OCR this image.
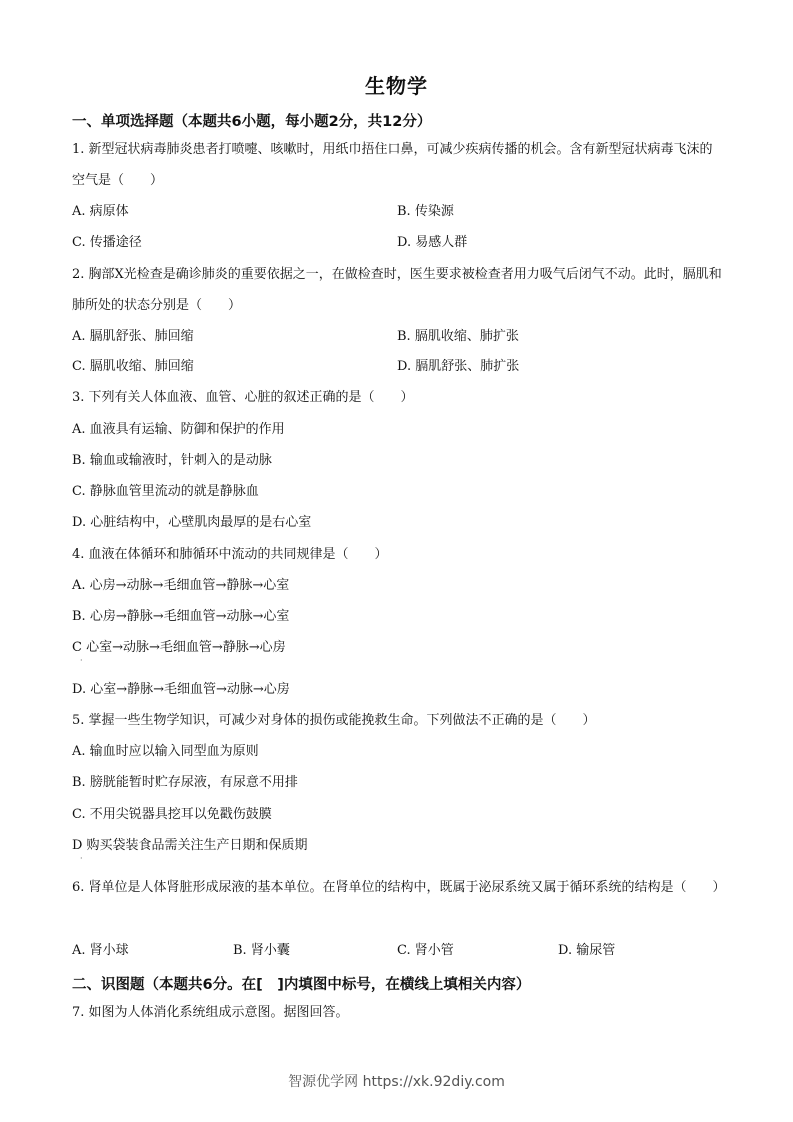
生物学
一、单项选择题（本题共6小题，每小题2分，共12分）
1. 新型冠状病毒肺炎患者打喷嚏、咳嗽时，用纸巾捂住口鼻，可减少疾病传播的机会。含有新型冠状病毒飞沫的空气是（　　）
A. 病原体	B. 传染源
C. 传播途径	D. 易感人群
2. 胸部X光检查是确诊肺炎的重要依据之一，在做检查时，医生要求被检查者用力吸气后闭气不动。此时，膈肌和肺所处的状态分别是（　　）
A. 膈肌舒张、肺回缩	B. 膈肌收缩、肺扩张
C. 膈肌收缩、肺回缩	D. 膈肌舒张、肺扩张
3. 下列有关人体血液、血管、心脏的叙述正确的是（　　）
A. 血液具有运输、防御和保护的作用
B. 输血或输液时，针刺入的是动脉
C. 静脉血管里流动的就是静脉血
D. 心脏结构中，心壁肌肉最厚的是右心室
4. 血液在体循环和肺循环中流动的共同规律是（　　）
A. 心房→动脉→毛细血管→静脉→心室
B. 心房→静脉→毛细血管→动脉→心室
C 心室→动脉→毛细血管→静脉→心房
·
D. 心室→静脉→毛细血管→动脉→心房
5. 掌握一些生物学知识，可减少对身体的损伤或能挽救生命。下列做法不正确的是（　　）
A. 输血时应以输入同型血为原则
B. 膀胱能暂时贮存尿液，有尿意不用排
C. 不用尖锐器具挖耳以免戳伤鼓膜
D 购买袋装食品需关注生产日期和保质期
·
6. 肾单位是人体肾脏形成尿液的基本单位。在肾单位的结构中，既属于泌尿系统又属于循环系统的结构是（　　）
A. 肾小球	B. 肾小囊	C. 肾小管	D. 输尿管
二、识图题（本题共6分。在[　]内填图中标号，在横线上填相关内容）
7. 如图为人体消化系统组成示意图。据图回答。
智源优学网 https://xk.92diy.com
